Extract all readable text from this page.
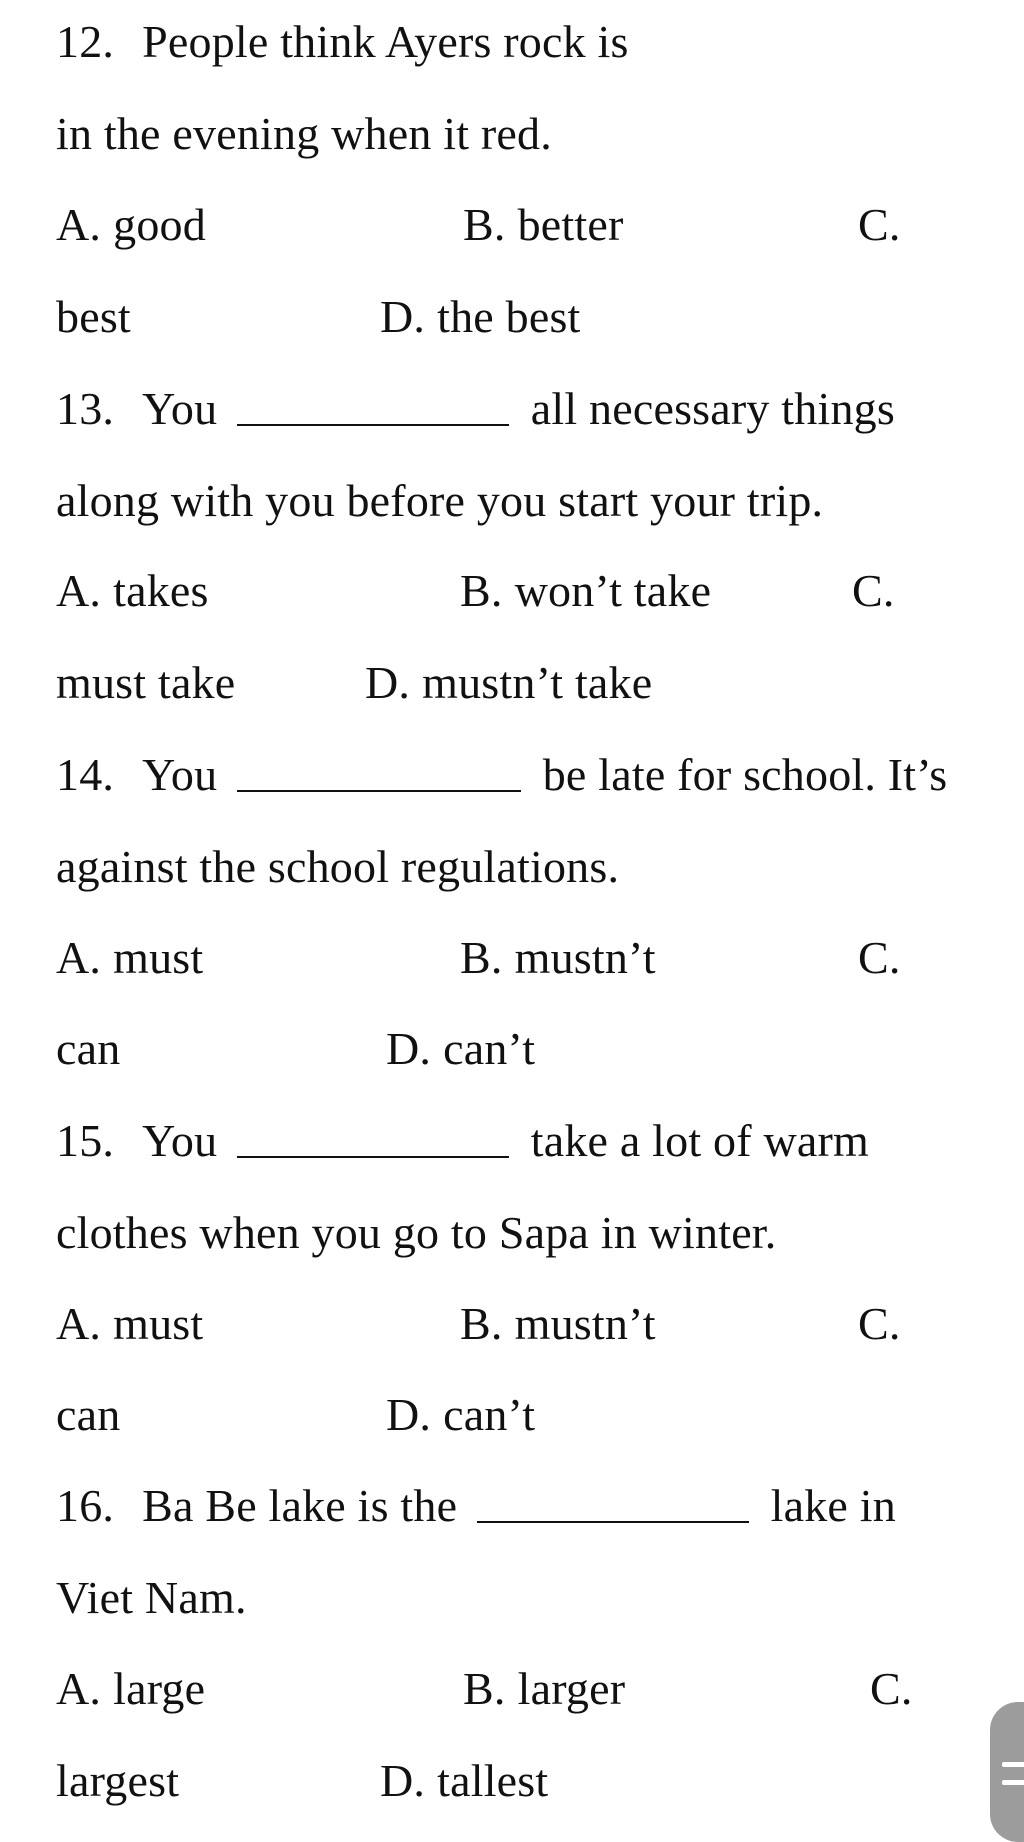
12. People think Ayers rock is
in the evening when it red.
A. good	B. better	C.
best	D. the best
13. You	all necessary things
along with you before you start your trip.
A. takes	B. won’t take	C.
must take	D. mustn’t take
14. You	be late for school. It’s
against the school regulations.
A. must	B. mustn’t	C.
can	D. can’t
15. You	take a lot of warm
clothes when you go to Sapa in winter.
A. must	B. mustn’t	C.
can	D. can’t
16. Ba Be lake is the	lake in
Viet Nam.
A. large	B. larger	C.
largest	D. tallest
